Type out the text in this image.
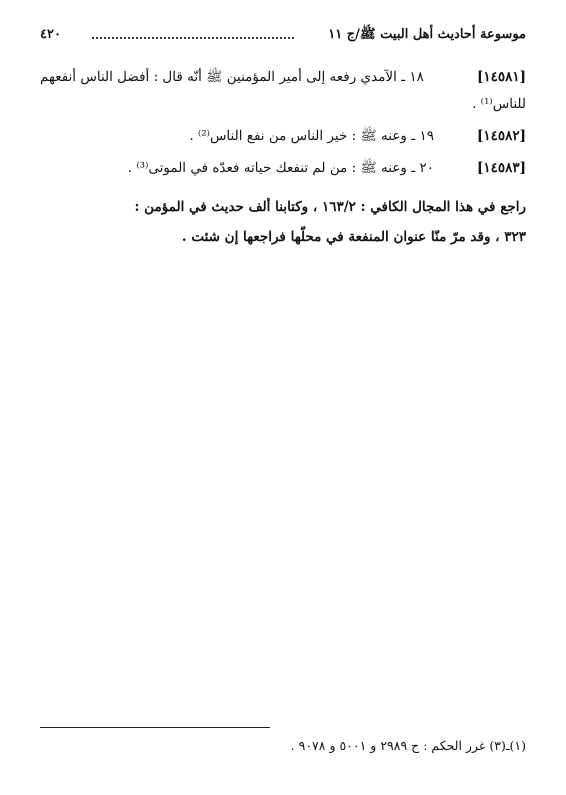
موسوعة أحاديث أهل البيت ﷺ/ج ١١
٤٢٠
[١٤٥٨١]
١٨ ـ الآمدي رفعه إلى أمير المؤمنين ﷺ أنّه قال : أفضل الناس أنفعهم
للناس⁽¹⁾ .
[١٤٥٨٢]
١٩ ـ وعنه ﷺ : خير الناس من نفع الناس⁽²⁾ .
[١٤٥٨٣]
٢٠ ـ وعنه ﷺ : من لم تنفعك حياته فعدّه في الموتى⁽³⁾ .
راجع في هذا المجال الكافي : ١٦٣/٢ ، وكتابنا ألف حديث في المؤمن :
٣٢٣ ، وقد مرّ منّا عنوان المنفعة في محلّها فراجعها إن شئت .
(١)ـ(٣) غرر الحكم : ح ٢٩٨٩ و ٥٠٠١ و ٩٠٧٨ .
